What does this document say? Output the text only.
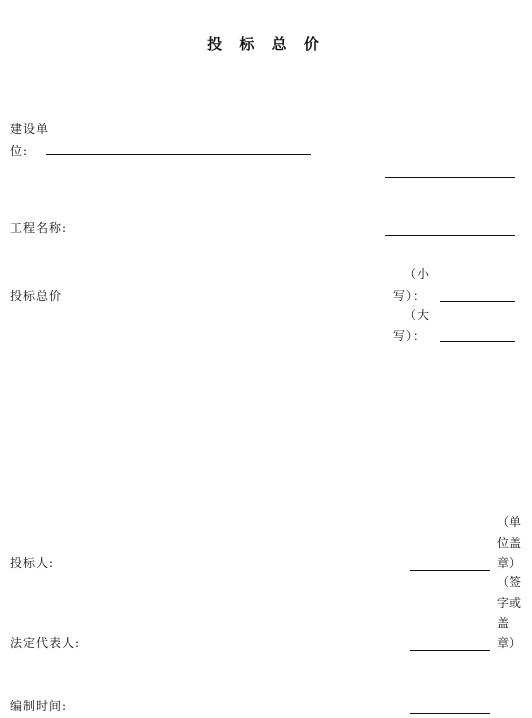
投 标 总 价
建设单
位:
工程名称:
投标总价
（小
写）：
（大
写）：
投标人:
（单
位盖
章）
法定代表人:
（签
字或
盖
章）
编制时间:
